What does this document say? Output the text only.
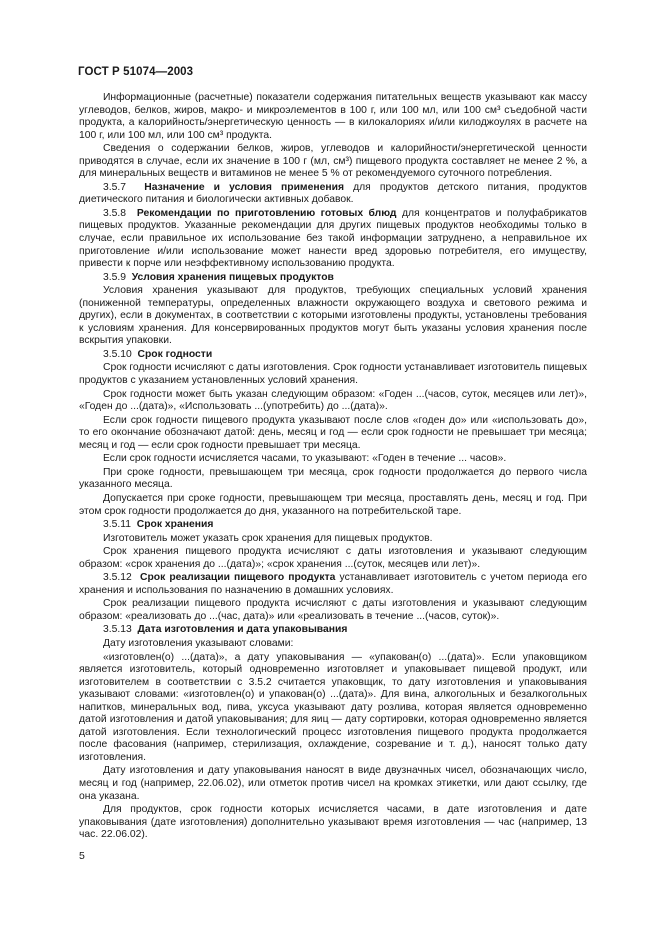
ГОСТ Р 51074—2003

Информационные (расчетные) показатели содержания питательных веществ указывают как массу углеводов, белков, жиров, макро- и микроэлементов в 100 г, или 100 мл, или 100 см³ съедобной части продукта, а калорийность/энергетическую ценность — в килокалориях и/или килоджоулях в расчете на 100 г, или 100 мл, или 100 см³ продукта.

Сведения о содержании белков, жиров, углеводов и калорийности/энергетической ценности приводятся в случае, если их значение в 100 г (мл, см³) пищевого продукта составляет не менее 2 %, а для минеральных веществ и витаминов не менее 5 % от рекомендуемого суточного потребления.

3.5.7 Назначение и условия применения для продуктов детского питания, продуктов диетического питания и биологически активных добавок.

3.5.8 Рекомендации по приготовлению готовых блюд для концентратов и полуфабрикатов пищевых продуктов. Указанные рекомендации для других пищевых продуктов необходимы только в случае, если правильное их использование без такой информации затруднено, а неправильное их приготовление и/или использование может нанести вред здоровью потребителя, его имуществу, привести к порче или неэффективному использованию продукта.

3.5.9 Условия хранения пищевых продуктов

Условия хранения указывают для продуктов, требующих специальных условий хранения (пониженной температуры, определенных влажности окружающего воздуха и светового режима и других), если в документах, в соответствии с которыми изготовлены продукты, установлены требования к условиям хранения. Для консервированных продуктов могут быть указаны условия хранения после вскрытия упаковки.

3.5.10 Срок годности

Срок годности исчисляют с даты изготовления. Срок годности устанавливает изготовитель пищевых продуктов с указанием установленных условий хранения.

Срок годности может быть указан следующим образом: «Годен ...(часов, суток, месяцев или лет)», «Годен до ...(дата)», «Использовать ...(употребить) до ...(дата)».

Если срок годности пищевого продукта указывают после слов «годен до» или «использовать до», то его окончание обозначают датой: день, месяц и год — если срок годности не превышает три месяца; месяц и год — если срок годности превышает три месяца.

Если срок годности исчисляется часами, то указывают: «Годен в течение ... часов».

При сроке годности, превышающем три месяца, срок годности продолжается до первого числа указанного месяца.

Допускается при сроке годности, превышающем три месяца, проставлять день, месяц и год. При этом срок годности продолжается до дня, указанного на потребительской таре.

3.5.11 Срок хранения

Изготовитель может указать срок хранения для пищевых продуктов.

Срок хранения пищевого продукта исчисляют с даты изготовления и указывают следующим образом: «срок хранения до ...(дата)»; «срок хранения ...(суток, месяцев или лет)».

3.5.12 Срок реализации пищевого продукта устанавливает изготовитель с учетом периода его хранения и использования по назначению в домашних условиях.

Срок реализации пищевого продукта исчисляют с даты изготовления и указывают следующим образом: «реализовать до ...(час, дата)» или «реализовать в течение ...(часов, суток)».

3.5.13 Дата изготовления и дата упаковывания

Дату изготовления указывают словами:

«изготовлен(о) ...(дата)», а дату упаковывания — «упакован(о) ...(дата)». Если упаковщиком является изготовитель, который одновременно изготовляет и упаковывает пищевой продукт, или изготовителем в соответствии с 3.5.2 считается упаковщик, то дату изготовления и упаковывания указывают словами: «изготовлен(о) и упакован(о) ...(дата)». Для вина, алкогольных и безалкогольных напитков, минеральных вод, пива, уксуса указывают дату розлива, которая является одновременно датой изготовления и датой упаковывания; для яиц — дату сортировки, которая одновременно является датой изготовления. Если технологический процесс изготовления пищевого продукта продолжается после фасования (например, стерилизация, охлаждение, созревание и т. д.), наносят только дату изготовления.

Дату изготовления и дату упаковывания наносят в виде двузначных чисел, обозначающих число, месяц и год (например, 22.06.02), или отметок против чисел на кромках этикетки, или дают ссылку, где она указана.

Для продуктов, срок годности которых исчисляется часами, в дате изготовления и дате упаковывания (дате изготовления) дополнительно указывают время изготовления — час (например, 13 час. 22.06.02).

5
